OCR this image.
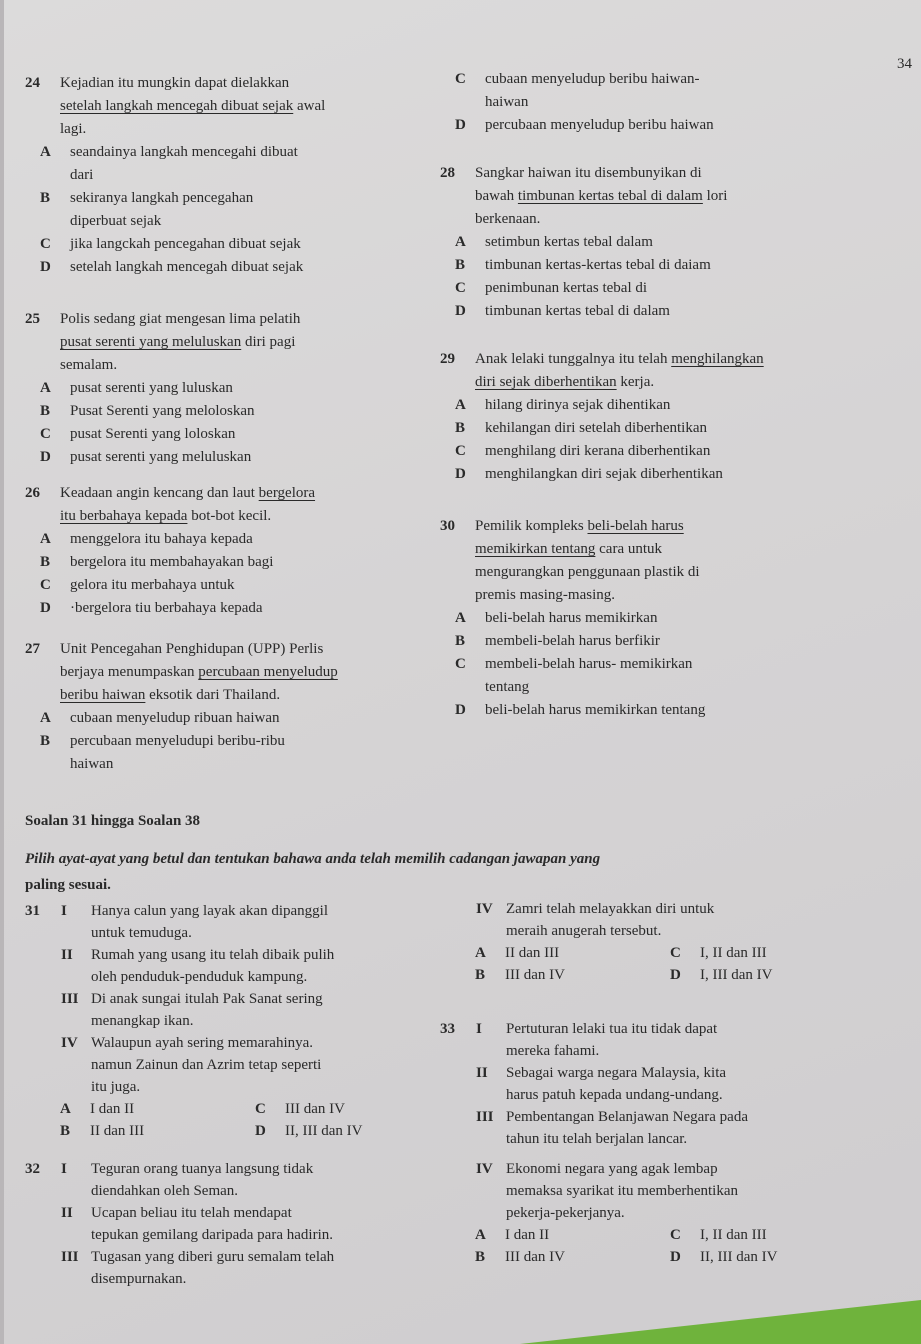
34
24	Kejadian itu mungkin dapat dielakkan
setelah langkah mencegah dibuat sejak awal
lagi.
A	seandainya langkah mencegahi dibuat
dari
B	sekiranya langkah pencegahan
diperbuat sejak
C	jika langckah pencegahan dibuat sejak
D	setelah langkah mencegah dibuat sejak
25	Polis sedang giat mengesan lima pelatih
pusat serenti yang meluluskan diri pagi
semalam.
A	pusat serenti yang luluskan
B	Pusat Serenti yang meloloskan
C	pusat Serenti yang loloskan
D	pusat serenti yang meluluskan
26	Keadaan angin kencang dan laut bergelora
itu berbahaya kepada bot-bot kecil.
A	menggelora itu bahaya kepada
B	bergelora itu membahayakan bagi
C	gelora itu merbahaya untuk
D	·bergelora tiu berbahaya kepada
27	Unit Pencegahan Penghidupan (UPP) Perlis
berjaya menumpaskan percubaan menyeludup
beribu haiwan eksotik dari Thailand.
A	cubaan menyeludup ribuan haiwan
B	percubaan menyeludupi beribu-ribu
haiwan
C	cubaan menyeludup beribu haiwan-
haiwan
D	percubaan menyeludup beribu haiwan
28	Sangkar haiwan itu disembunyikan di
bawah timbunan kertas tebal di dalam lori
berkenaan.
A	setimbun kertas tebal dalam
B	timbunan kertas-kertas tebal di daiam
C	penimbunan kertas tebal di
D	timbunan kertas tebal di dalam
29	Anak lelaki tunggalnya itu telah menghilangkan
diri sejak diberhentikan kerja.
A	hilang dirinya sejak dihentikan
B	kehilangan diri setelah diberhentikan
C	menghilang diri kerana diberhentikan
D	menghilangkan diri sejak diberhentikan
30	Pemilik kompleks beli-belah harus
memikirkan tentang cara untuk
mengurangkan penggunaan plastik di
premis masing-masing.
A	beli-belah harus memikirkan
B	membeli-belah harus berfikir
C	membeli-belah harus- memikirkan
tentang
D	beli-belah harus memikirkan tentang
Soalan 31 hingga Soalan 38
Pilih ayat-ayat yang betul dan tentukan bahawa anda telah memilih cadangan jawapan yang
paling sesuai.
31	I	Hanya calun yang layak akan dipanggil
untuk temuduga.
II	Rumah yang usang itu telah dibaik pulih
oleh penduduk-penduduk kampung.
III Di anak sungai itulah Pak Sanat sering
menangkap ikan.
IV Walaupun ayah sering memarahinya.
namun Zainun dan Azrim tetap seperti
itu juga.
A	I dan II	C	III dan IV
B	II dan III	D	II, III dan IV
IV Zamri telah melayakkan diri untuk
meraih anugerah tersebut.
A	II dan III	C	I, II dan III
B	III dan IV	D	I, III dan IV
33	I	Pertuturan lelaki tua itu tidak dapat
mereka fahami.
II	Sebagai warga negara Malaysia, kita
harus patuh kepada undang-undang.
III Pembentangan Belanjawan Negara pada
tahun itu telah berjalan lancar.
32	I	Teguran orang tuanya langsung tidak
diendahkan oleh Seman.
II	Ucapan beliau itu telah mendapat
tepukan gemilang daripada para hadirin.
III Tugasan yang diberi guru semalam telah
disempurnakan.
IV Ekonomi negara yang agak lembap
memaksa syarikat itu memberhentikan
pekerja-pekerjanya.
A	I dan II	C	I, II dan III
B	III dan IV	D	II, III dan IV
